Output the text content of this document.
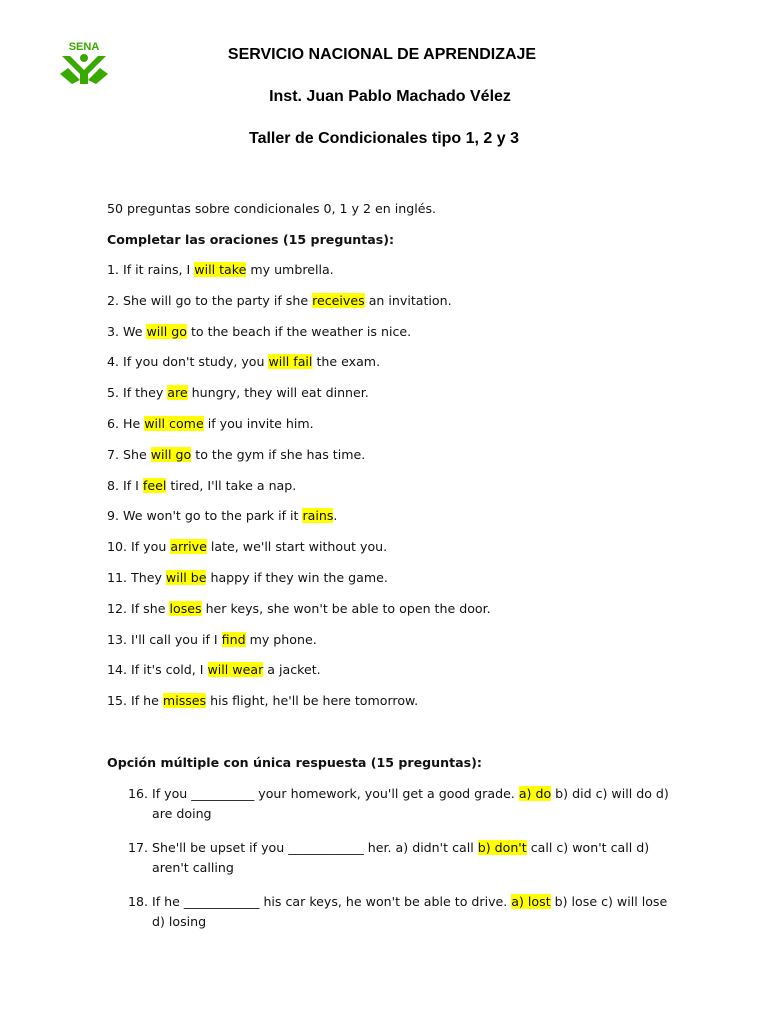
SENA	SERVICIO NACIONAL DE APRENDIZAJE
Inst. Juan Pablo Machado Vélez
Taller de Condicionales tipo 1, 2 y 3
50 preguntas sobre condicionales 0, 1 y 2 en inglés.
Completar las oraciones (15 preguntas):
1. If it rains, I will take my umbrella.
2. She will go to the party if she receives an invitation.
3. We will go to the beach if the weather is nice.
4. If you don't study, you will fail the exam.
5. If they are hungry, they will eat dinner.
6. He will come if you invite him.
7. She will go to the gym if she has time.
8. If I feel tired, I'll take a nap.
9. We won't go to the park if it rains.
10. If you arrive late, we'll start without you.
11. They will be happy if they win the game.
12. If she loses her keys, she won't be able to open the door.
13. I'll call you if I find my phone.
14. If it's cold, I will wear a jacket.
15. If he misses his flight, he'll be here tomorrow.
Opción múltiple con única respuesta (15 preguntas):
16. If you __________ your homework, you'll get a good grade. a) do b) did c) will do d) are doing
17. She'll be upset if you ____________ her. a) didn't call b) don't call c) won't call d) aren't calling
18. If he ____________ his car keys, he won't be able to drive. a) lost b) lose c) will lose d) losing
